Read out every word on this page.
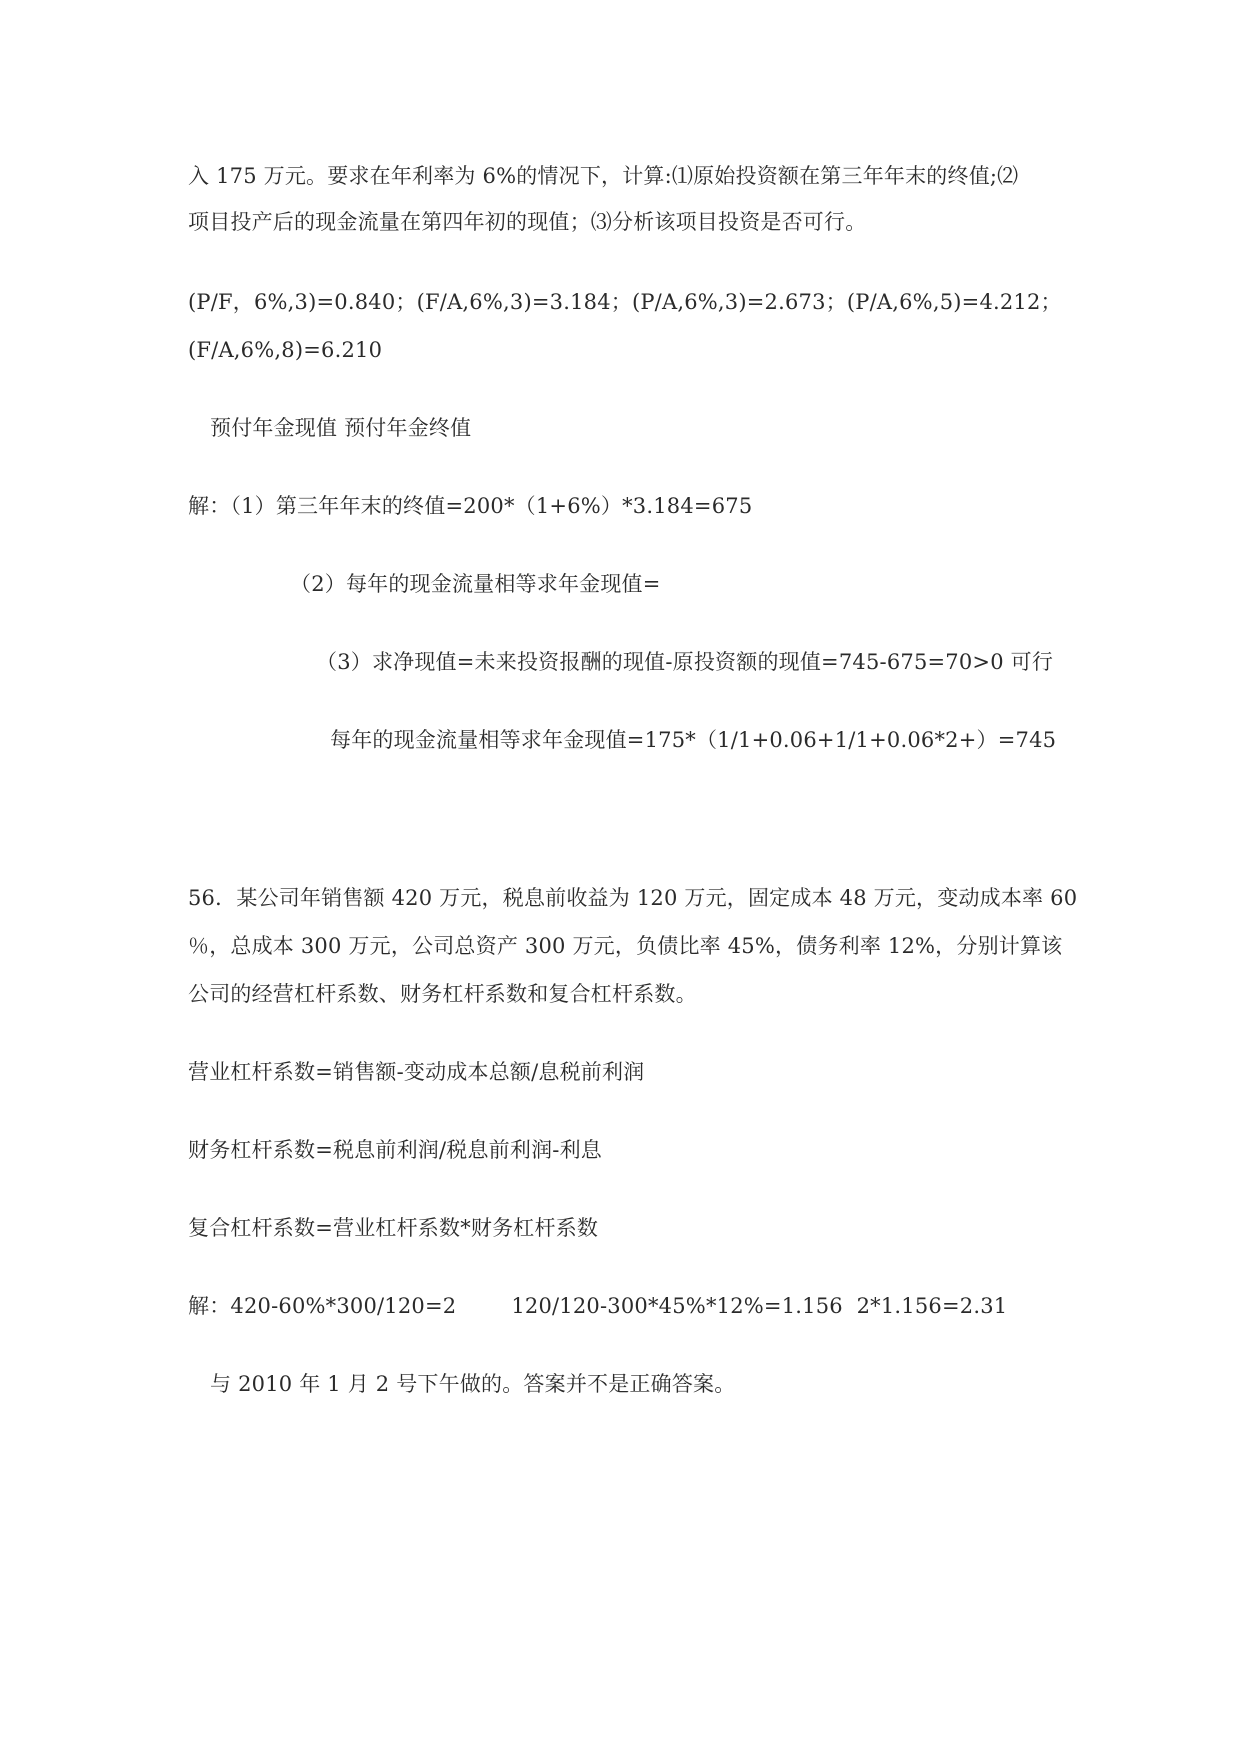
入 175 万元。要求在年利率为 6%的情况下，计算:⑴原始投资额在第三年年末的终值;⑵
项目投产后的现金流量在第四年初的现值；⑶分析该项目投资是否可行。
(P/F，6%,3)=0.840；(F/A,6%,3)=3.184；(P/A,6%,3)=2.673；(P/A,6%,5)=4.212；
(F/A,6%,8)=6.210
预付年金现值 预付年金终值
解：（1）第三年年末的终值=200*（1+6%）*3.184=675
（2）每年的现金流量相等求年金现值=
（3）求净现值=未来投资报酬的现值-原投资额的现值=745-675=70>0 可行
每年的现金流量相等求年金现值=175*（1/1+0.06+1/1+0.06*2+）=745
56．某公司年销售额 420 万元，税息前收益为 120 万元，固定成本 48 万元，变动成本率 60
％，总成本 300 万元，公司总资产 300 万元，负债比率 45%，债务利率 12%，分别计算该
公司的经营杠杆系数、财务杠杆系数和复合杠杆系数。
营业杠杆系数=销售额-变动成本总额/息税前利润
财务杠杆系数=税息前利润/税息前利润-利息
复合杠杆系数=营业杠杆系数*财务杠杆系数
解：420-60%*300/120=2        120/120-300*45%*12%=1.156  2*1.156=2.31
与 2010 年 1 月 2 号下午做的。答案并不是正确答案。
